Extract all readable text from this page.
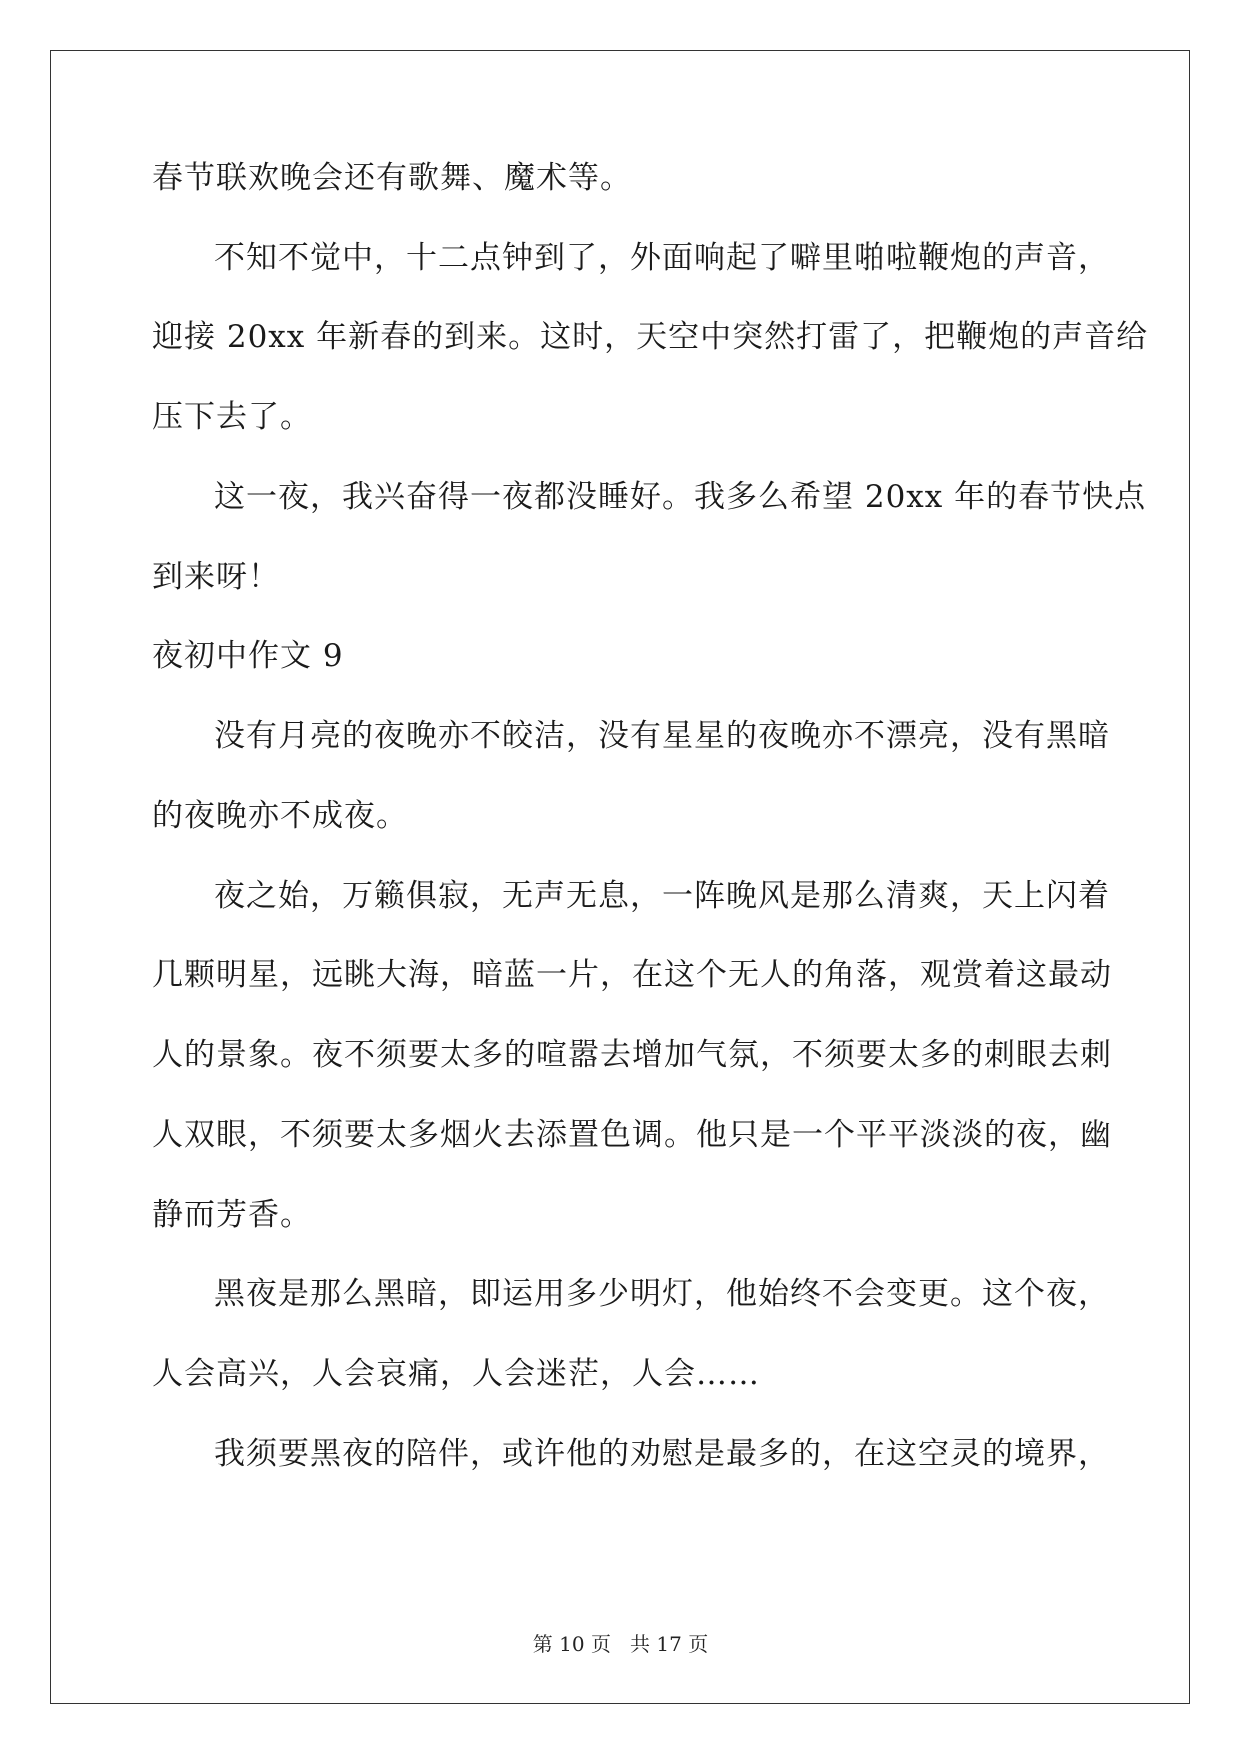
春节联欢晚会还有歌舞、魔术等。
不知不觉中，十二点钟到了，外面响起了噼里啪啦鞭炮的声音，
迎接 20xx 年新春的到来。这时，天空中突然打雷了，把鞭炮的声音给
压下去了。
这一夜，我兴奋得一夜都没睡好。我多么希望 20xx 年的春节快点
到来呀！
夜初中作文 9
没有月亮的夜晚亦不皎洁，没有星星的夜晚亦不漂亮，没有黑暗
的夜晚亦不成夜。
夜之始，万籁俱寂，无声无息，一阵晚风是那么清爽，天上闪着
几颗明星，远眺大海，暗蓝一片，在这个无人的角落，观赏着这最动
人的景象。夜不须要太多的喧嚣去增加气氛，不须要太多的刺眼去刺
人双眼，不须要太多烟火去添置色调。他只是一个平平淡淡的夜，幽
静而芳香。
黑夜是那么黑暗，即运用多少明灯，他始终不会变更。这个夜，
人会高兴，人会哀痛，人会迷茫，人会……
我须要黑夜的陪伴，或许他的劝慰是最多的，在这空灵的境界，
第 10 页   共 17 页
